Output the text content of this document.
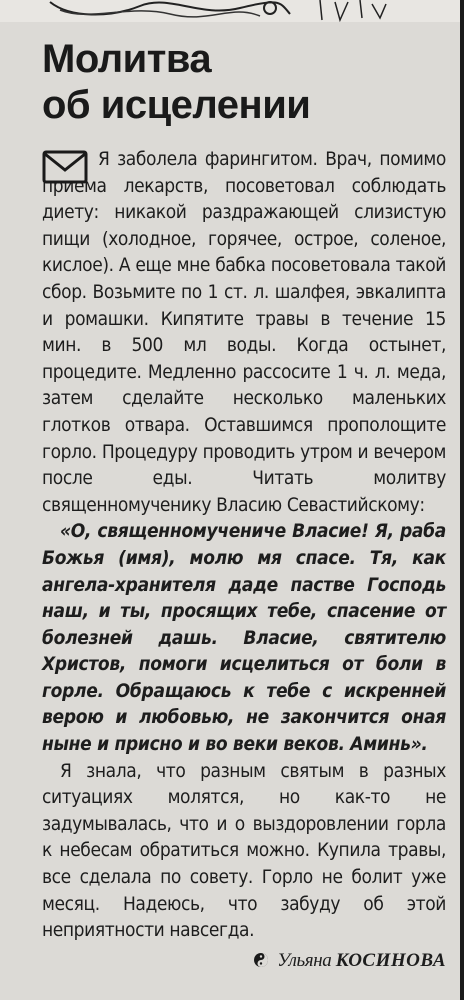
Молитва
об исцелении

Я заболела фарингитом. Врач, помимо приема лекарств, посоветовал соблюдать диету: никакой раздражающей слизистую пищи (холодное, горячее, острое, соленое, кислое). А еще мне бабка посоветовала такой сбор. Возьмите по 1 ст. л. шалфея, эвкалипта и ромашки. Кипятите травы в течение 15 мин. в 500 мл воды. Когда остынет, процедите. Медленно рассосите 1 ч. л. меда, затем сделайте несколько маленьких глотков отвара. Оставшимся прополощите горло. Процедуру проводить утром и вечером после еды. Читать молитву священномученику Власию Севастийскому:

«О, священномучениче Власие! Я, раба Божья (имя), молю мя спасе. Тя, как ангела-хранителя даде пастве Господь наш, и ты, просящих тебе, спасение от болезней дашь. Власие, святителю Христов, помоги исцелиться от боли в горле. Обращаюсь к тебе с искренней верою и любовью, не закончится оная ныне и присно и во веки веков. Аминь».

Я знала, что разным святым в разных ситуациях молятся, но как-то не задумывалась, что и о выздоровлении горла к небесам обратиться можно. Купила травы, все сделала по совету. Горло не болит уже месяц. Надеюсь, что забуду об этой неприятности навсегда.

Ульяна КОСИНОВА
